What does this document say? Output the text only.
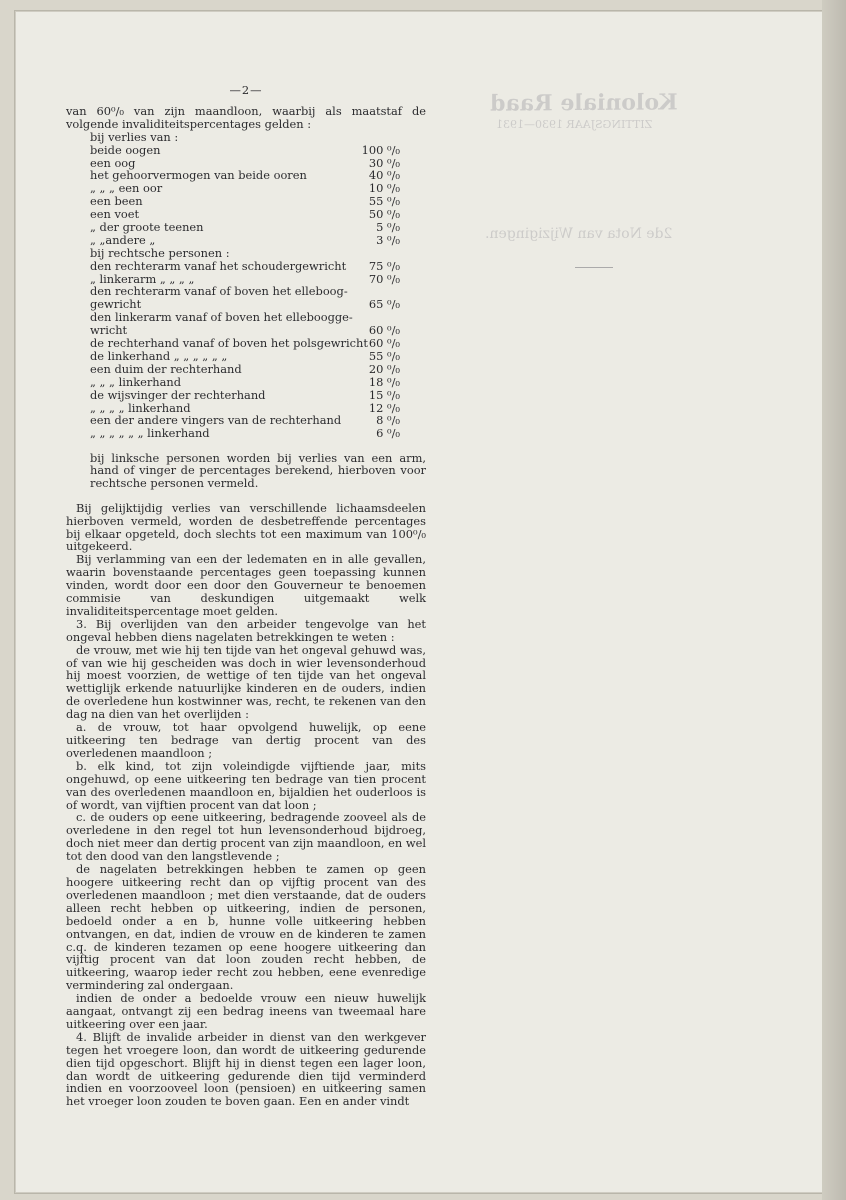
Koloniale Raad
ZITTINGSJAAR 1930—1931
2de Nota van Wijzigingen.
—2—

van 60⁰/₀ van zijn maandloon, waarbij als maatstaf de volgende invaliditeitspercentages gelden :

bij verlies van :
beide oogen	100 ⁰/₀
een oog	30 ⁰/₀
het gehoorvermogen van beide ooren	40 ⁰/₀
„ „ „ een oor	10 ⁰/₀
een been	55 ⁰/₀
een voet	50 ⁰/₀
„ der groote teenen	5 ⁰/₀
„ „andere „	3 ⁰/₀
bij rechtsche personen :
den rechterarm vanaf het schoudergewricht 75 ⁰/₀
„ linkerarm „ „ „ „	70 ⁰/₀
den rechterarm vanaf of boven het elleboog-gewricht	65 ⁰/₀
den linkerarm vanaf of boven het elleboogge-wricht	60 ⁰/₀
de rechterhand vanaf of boven het polsgewricht 60 ⁰/₀
de linkerhand „ „ „ „ „ „	55 ⁰/₀
een duim der rechterhand	20 ⁰/₀
„ „ „ linkerhand	18 ⁰/₀
de wijsvinger der rechterhand	15 ⁰/₀
„ „ „ „ linkerhand	12 ⁰/₀
een der andere vingers van de rechterhand	8 ⁰/₀
„ „ „ „ „ „ linkerhand	6 ⁰/₀

bij linksche personen worden bij verlies van een arm, hand of vinger de percentages berekend, hierboven voor rechtsche personen vermeld.

Bij gelijktijdig verlies van verschillende lichaamsdeelen hierboven vermeld, worden de desbetreffende percentages bij elkaar opgeteld, doch slechts tot een maximum van 100⁰/₀ uitgekeerd.

Bij verlamming van een der ledematen en in alle gevallen, waarin bovenstaande percentages geen toepassing kunnen vinden, wordt door een door den Gouverneur te benoemen commisie van deskundigen uitgemaakt welk invaliditeitspercentage moet gelden.

3. Bij overlijden van den arbeider tengevolge van het ongeval hebben diens nagelaten betrekkingen te weten :

de vrouw, met wie hij ten tijde van het ongeval gehuwd was, of van wie hij gescheiden was doch in wier levensonderhoud hij moest voorzien, de wettige of ten tijde van het ongeval wettiglijk erkende natuurlijke kinderen en de ouders, indien de overledene hun kostwinner was, recht, te rekenen van den dag na dien van het overlijden :

a. de vrouw, tot haar opvolgend huwelijk, op eene uitkeering ten bedrage van dertig procent van des overledenen maandloon ;

b. elk kind, tot zijn voleindigde vijftiende jaar, mits ongehuwd, op eene uitkeering ten bedrage van tien procent van des overledenen maandloon en, bijaldien het ouderloos is of wordt, van vijftien procent van dat loon ;

c. de ouders op eene uitkeering, bedragende zooveel als de overledene in den regel tot hun levensonderhoud bijdroeg, doch niet meer dan dertig procent van zijn maandloon, en wel tot den dood van den langstlevende ;

de nagelaten betrekkingen hebben te zamen op geen hoogere uitkeering recht dan op vijftig procent van des overledenen maandloon ; met dien verstaande, dat de ouders alleen recht hebben op uitkeering, indien de personen, bedoeld onder a en b, hunne volle uitkeering hebben ontvangen, en dat, indien de vrouw en de kinderen te zamen c.q. de kinderen tezamen op eene hoogere uitkeering dan vijftig procent van dat loon zouden recht hebben, de uitkeering, waarop ieder recht zou hebben, eene evenredige vermindering zal ondergaan.

indien de onder a bedoelde vrouw een nieuw huwelijk aangaat, ontvangt zij een bedrag ineens van tweemaal hare uitkeering over een jaar.

4. Blijft de invalide arbeider in dienst van den werkgever tegen het vroegere loon, dan wordt de uitkeering gedurende dien tijd opgeschort. Blijft hij in dienst tegen een lager loon, dan wordt de uitkeering gedurende dien tijd verminderd indien en voorzooveel loon (pensioen) en uitkeering samen het vroeger loon zouden te boven gaan. Een en ander vindt
